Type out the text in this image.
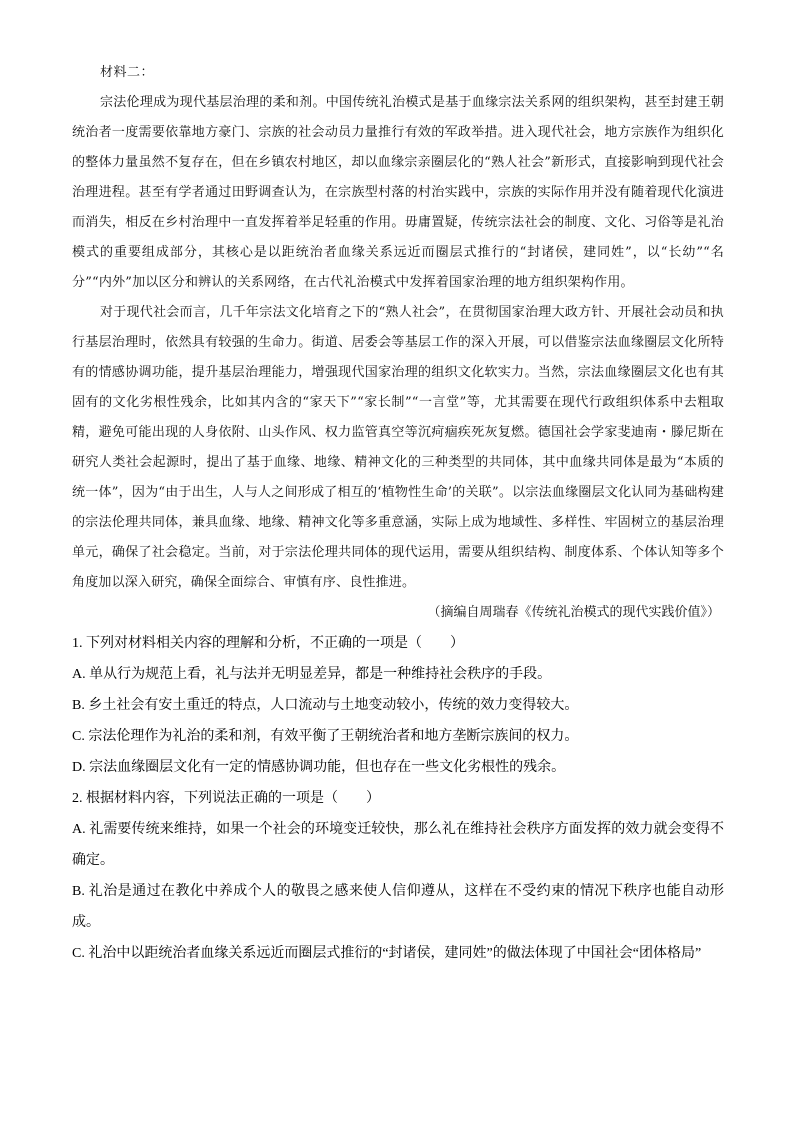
材料二：

宗法伦理成为现代基层治理的柔和剂。中国传统礼治模式是基于血缘宗法关系网的组织架构，甚至封建王朝统治者一度需要依靠地方豪门、宗族的社会动员力量推行有效的军政举措。进入现代社会，地方宗族作为组织化的整体力量虽然不复存在，但在乡镇农村地区，却以血缘宗亲圈层化的“熟人社会”新形式，直接影响到现代社会治理进程。甚至有学者通过田野调查认为，在宗族型村落的村治实践中，宗族的实际作用并没有随着现代化演进而消失，相反在乡村治理中一直发挥着举足轻重的作用。毋庸置疑，传统宗法社会的制度、文化、习俗等是礼治模式的重要组成部分，其核心是以距统治者血缘关系远近而圈层式推行的“封诸侯，建同姓”，以“长幼”“名分”“内外”加以区分和辨认的关系网络，在古代礼治模式中发挥着国家治理的地方组织架构作用。

对于现代社会而言，几千年宗法文化培育之下的“熟人社会”，在贯彻国家治理大政方针、开展社会动员和执行基层治理时，依然具有较强的生命力。街道、居委会等基层工作的深入开展，可以借鉴宗法血缘圈层文化所特有的情感协调功能，提升基层治理能力，增强现代国家治理的组织文化软实力。当然，宗法血缘圈层文化也有其固有的文化劣根性残余，比如其内含的“家天下”“家长制”“一言堂”等，尤其需要在现代行政组织体系中去粗取精，避免可能出现的人身依附、山头作风、权力监管真空等沉疴痼疾死灰复燃。德国社会学家斐迪南・滕尼斯在研究人类社会起源时，提出了基于血缘、地缘、精神文化的三种类型的共同体，其中血缘共同体是最为“本质的统一体”，因为“由于出生，人与人之间形成了相互的‘植物性生命’的关联”。以宗法血缘圈层文化认同为基础构建的宗法伦理共同体，兼具血缘、地缘、精神文化等多重意涵，实际上成为地域性、多样性、牢固树立的基层治理单元，确保了社会稳定。当前，对于宗法伦理共同体的现代运用，需要从组织结构、制度体系、个体认知等多个角度加以深入研究，确保全面综合、审慎有序、良性推进。

（摘编自周瑞春《传统礼治模式的现代实践价值》）

1. 下列对材料相关内容的理解和分析，不正确的一项是（　　）

A. 单从行为规范上看，礼与法并无明显差异，都是一种维持社会秩序的手段。

B. 乡土社会有安土重迁的特点，人口流动与土地变动较小，传统的效力变得较大。

C. 宗法伦理作为礼治的柔和剂，有效平衡了王朝统治者和地方垄断宗族间的权力。

D. 宗法血缘圈层文化有一定的情感协调功能，但也存在一些文化劣根性的残余。

2. 根据材料内容，下列说法正确的一项是（　　）

A. 礼需要传统来维持，如果一个社会的环境变迁较快，那么礼在维持社会秩序方面发挥的效力就会变得不确定。

B. 礼治是通过在教化中养成个人的敬畏之感来使人信仰遵从，这样在不受约束的情况下秩序也能自动形成。

C. 礼治中以距统治者血缘关系远近而圈层式推衍的“封诸侯，建同姓”的做法体现了中国社会“团体格局”
